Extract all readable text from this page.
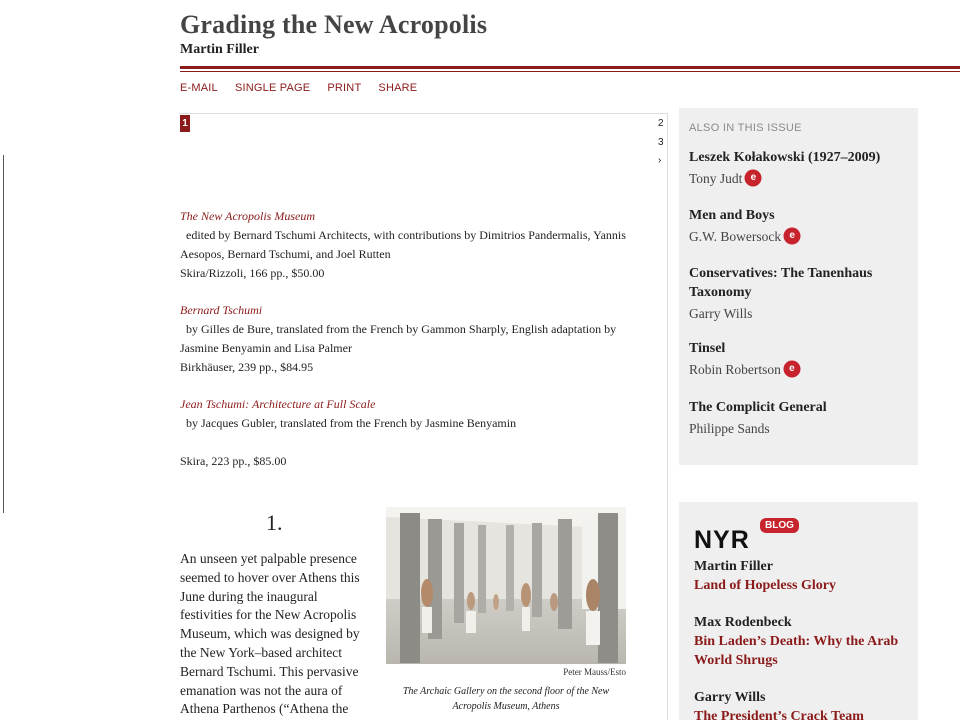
Grading the New Acropolis
Martin Filler
E-MAIL SINGLE PAGE PRINT SHARE
1	2
3
›
The New Acropolis Museum
edited by Bernard Tschumi Architects, with contributions by Dimitrios Pandermalis, Yannis Aesopos, Bernard Tschumi, and Joel Rutten
Skira/Rizzoli, 166 pp., $50.00
Bernard Tschumi
by Gilles de Bure, translated from the French by Gammon Sharply, English adaptation by Jasmine Benyamin and Lisa Palmer
Birkhäuser, 239 pp., $84.95
Jean Tschumi: Architecture at Full Scale
by Jacques Gubler, translated from the French by Jasmine Benyamin
Skira, 223 pp., $85.00
1.
An unseen yet palpable presence seemed to hover over Athens this June during the inaugural festivities for the New Acropolis Museum, which was designed by the New York–based architect Bernard Tschumi. This pervasive emanation was not the aura of Athena Parthenos (“Athena the
Peter Mauss/Esto
The Archaic Gallery on the second floor of the New Acropolis Museum, Athens
ALSO IN THIS ISSUE
Leszek Kołakowski (1927–2009)
Tony Judt e
Men and Boys
G.W. Bowersock e
Conservatives: The Tanenhaus Taxonomy
Garry Wills
Tinsel
Robin Robertson e
The Complicit General
Philippe Sands
NYR
BLOG
Martin Filler
Land of Hopeless Glory
Max Rodenbeck
Bin Laden’s Death: Why the Arab World Shrugs
Garry Wills
The President’s Crack Team
